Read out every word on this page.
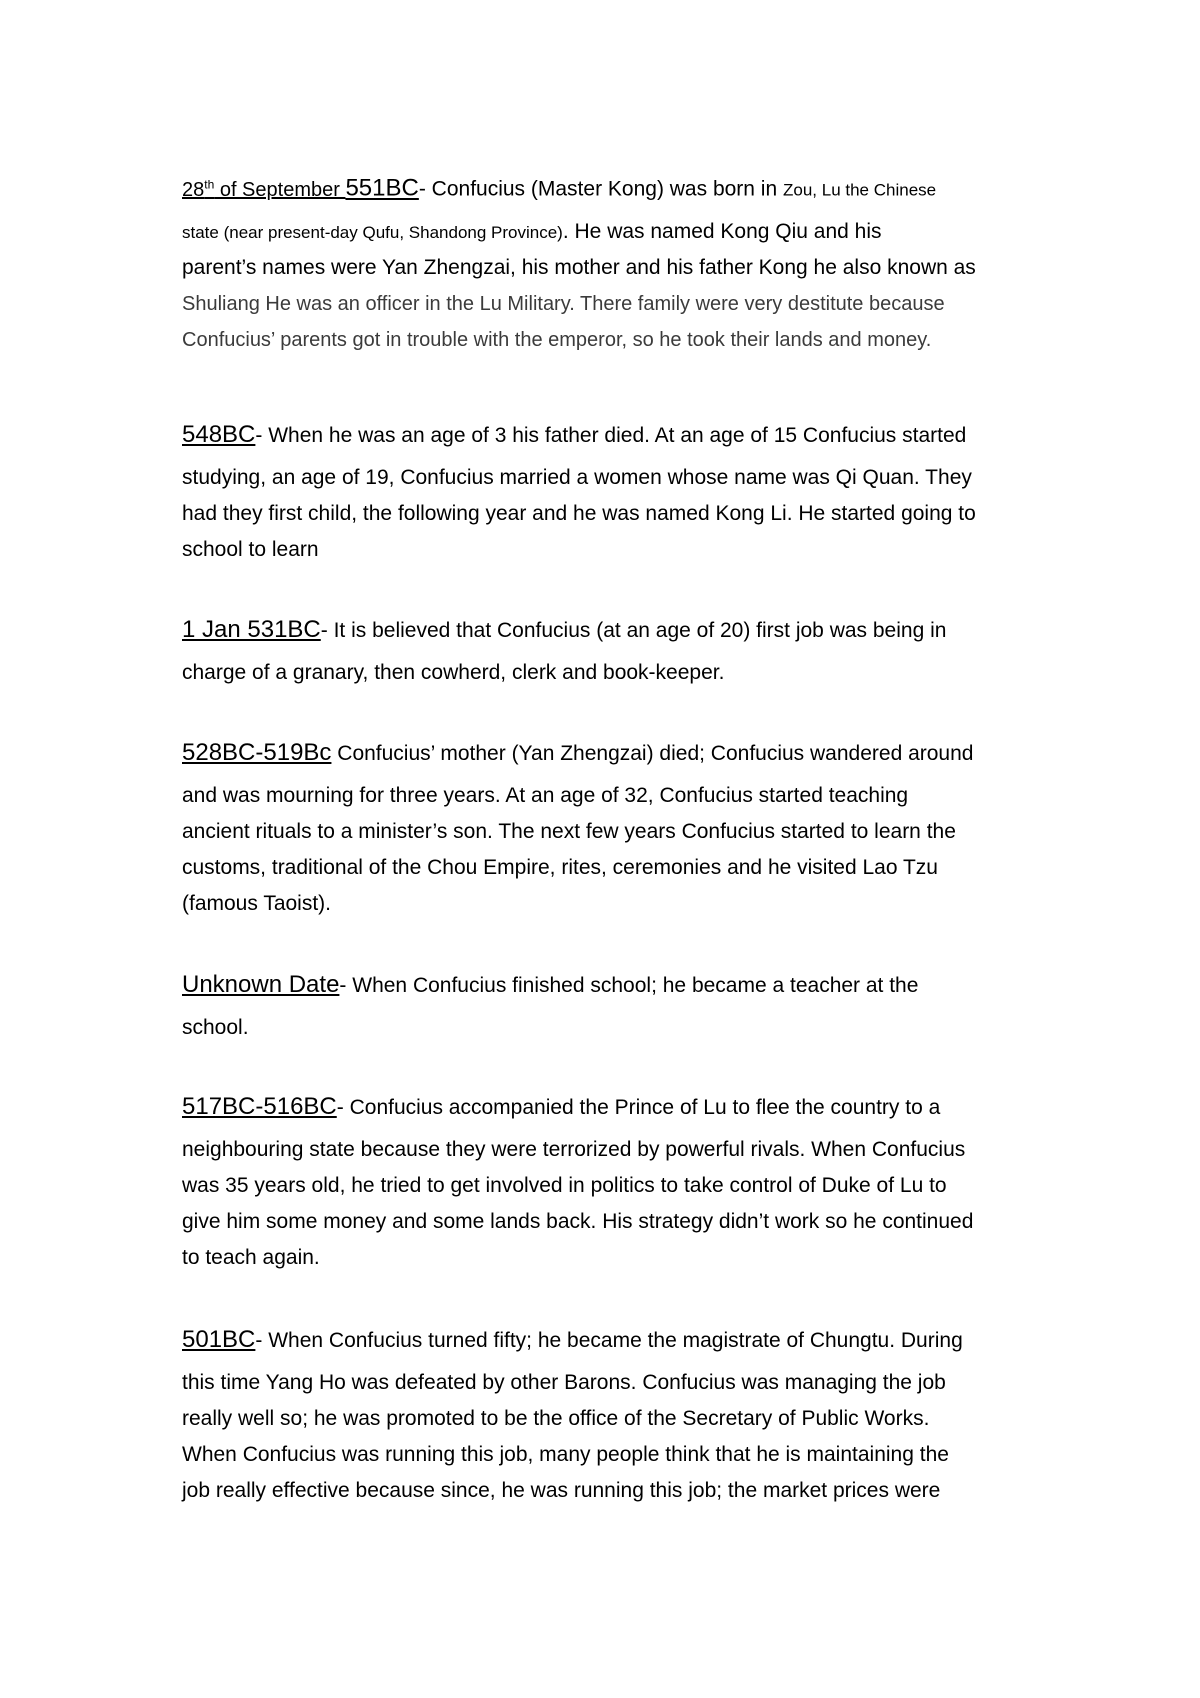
28th of September 551BC- Confucius (Master Kong) was born in Zou, Lu the Chinese
state (near present-day Qufu, Shandong Province). He was named Kong Qiu and his
parent’s names were Yan Zhengzai, his mother and his father Kong he also known as
Shuliang He was an officer in the Lu Military. There family were very destitute because
Confucius’ parents got in trouble with the emperor, so he took their lands and money.
548BC- When he was an age of 3 his father died. At an age of 15 Confucius started
studying, an age of 19, Confucius married a women whose name was Qi Quan. They
had they first child, the following year and he was named Kong Li. He started going to
school to learn
1 Jan 531BC- It is believed that Confucius (at an age of 20) first job was being in
charge of a granary, then cowherd, clerk and book-keeper.
528BC-519Bc Confucius’ mother (Yan Zhengzai) died; Confucius wandered around
and was mourning for three years. At an age of 32, Confucius started teaching
ancient rituals to a minister’s son. The next few years Confucius started to learn the
customs, traditional of the Chou Empire, rites, ceremonies and he visited Lao Tzu
(famous Taoist).
Unknown Date- When Confucius finished school; he became a teacher at the
school.
517BC-516BC- Confucius accompanied the Prince of Lu to flee the country to a
neighbouring state because they were terrorized by powerful rivals. When Confucius
was 35 years old, he tried to get involved in politics to take control of Duke of Lu to
give him some money and some lands back. His strategy didn’t work so he continued
to teach again.
501BC- When Confucius turned fifty; he became the magistrate of Chungtu. During
this time Yang Ho was defeated by other Barons. Confucius was managing the job
really well so; he was promoted to be the office of the Secretary of Public Works.
When Confucius was running this job, many people think that he is maintaining the
job really effective because since, he was running this job; the market prices were
